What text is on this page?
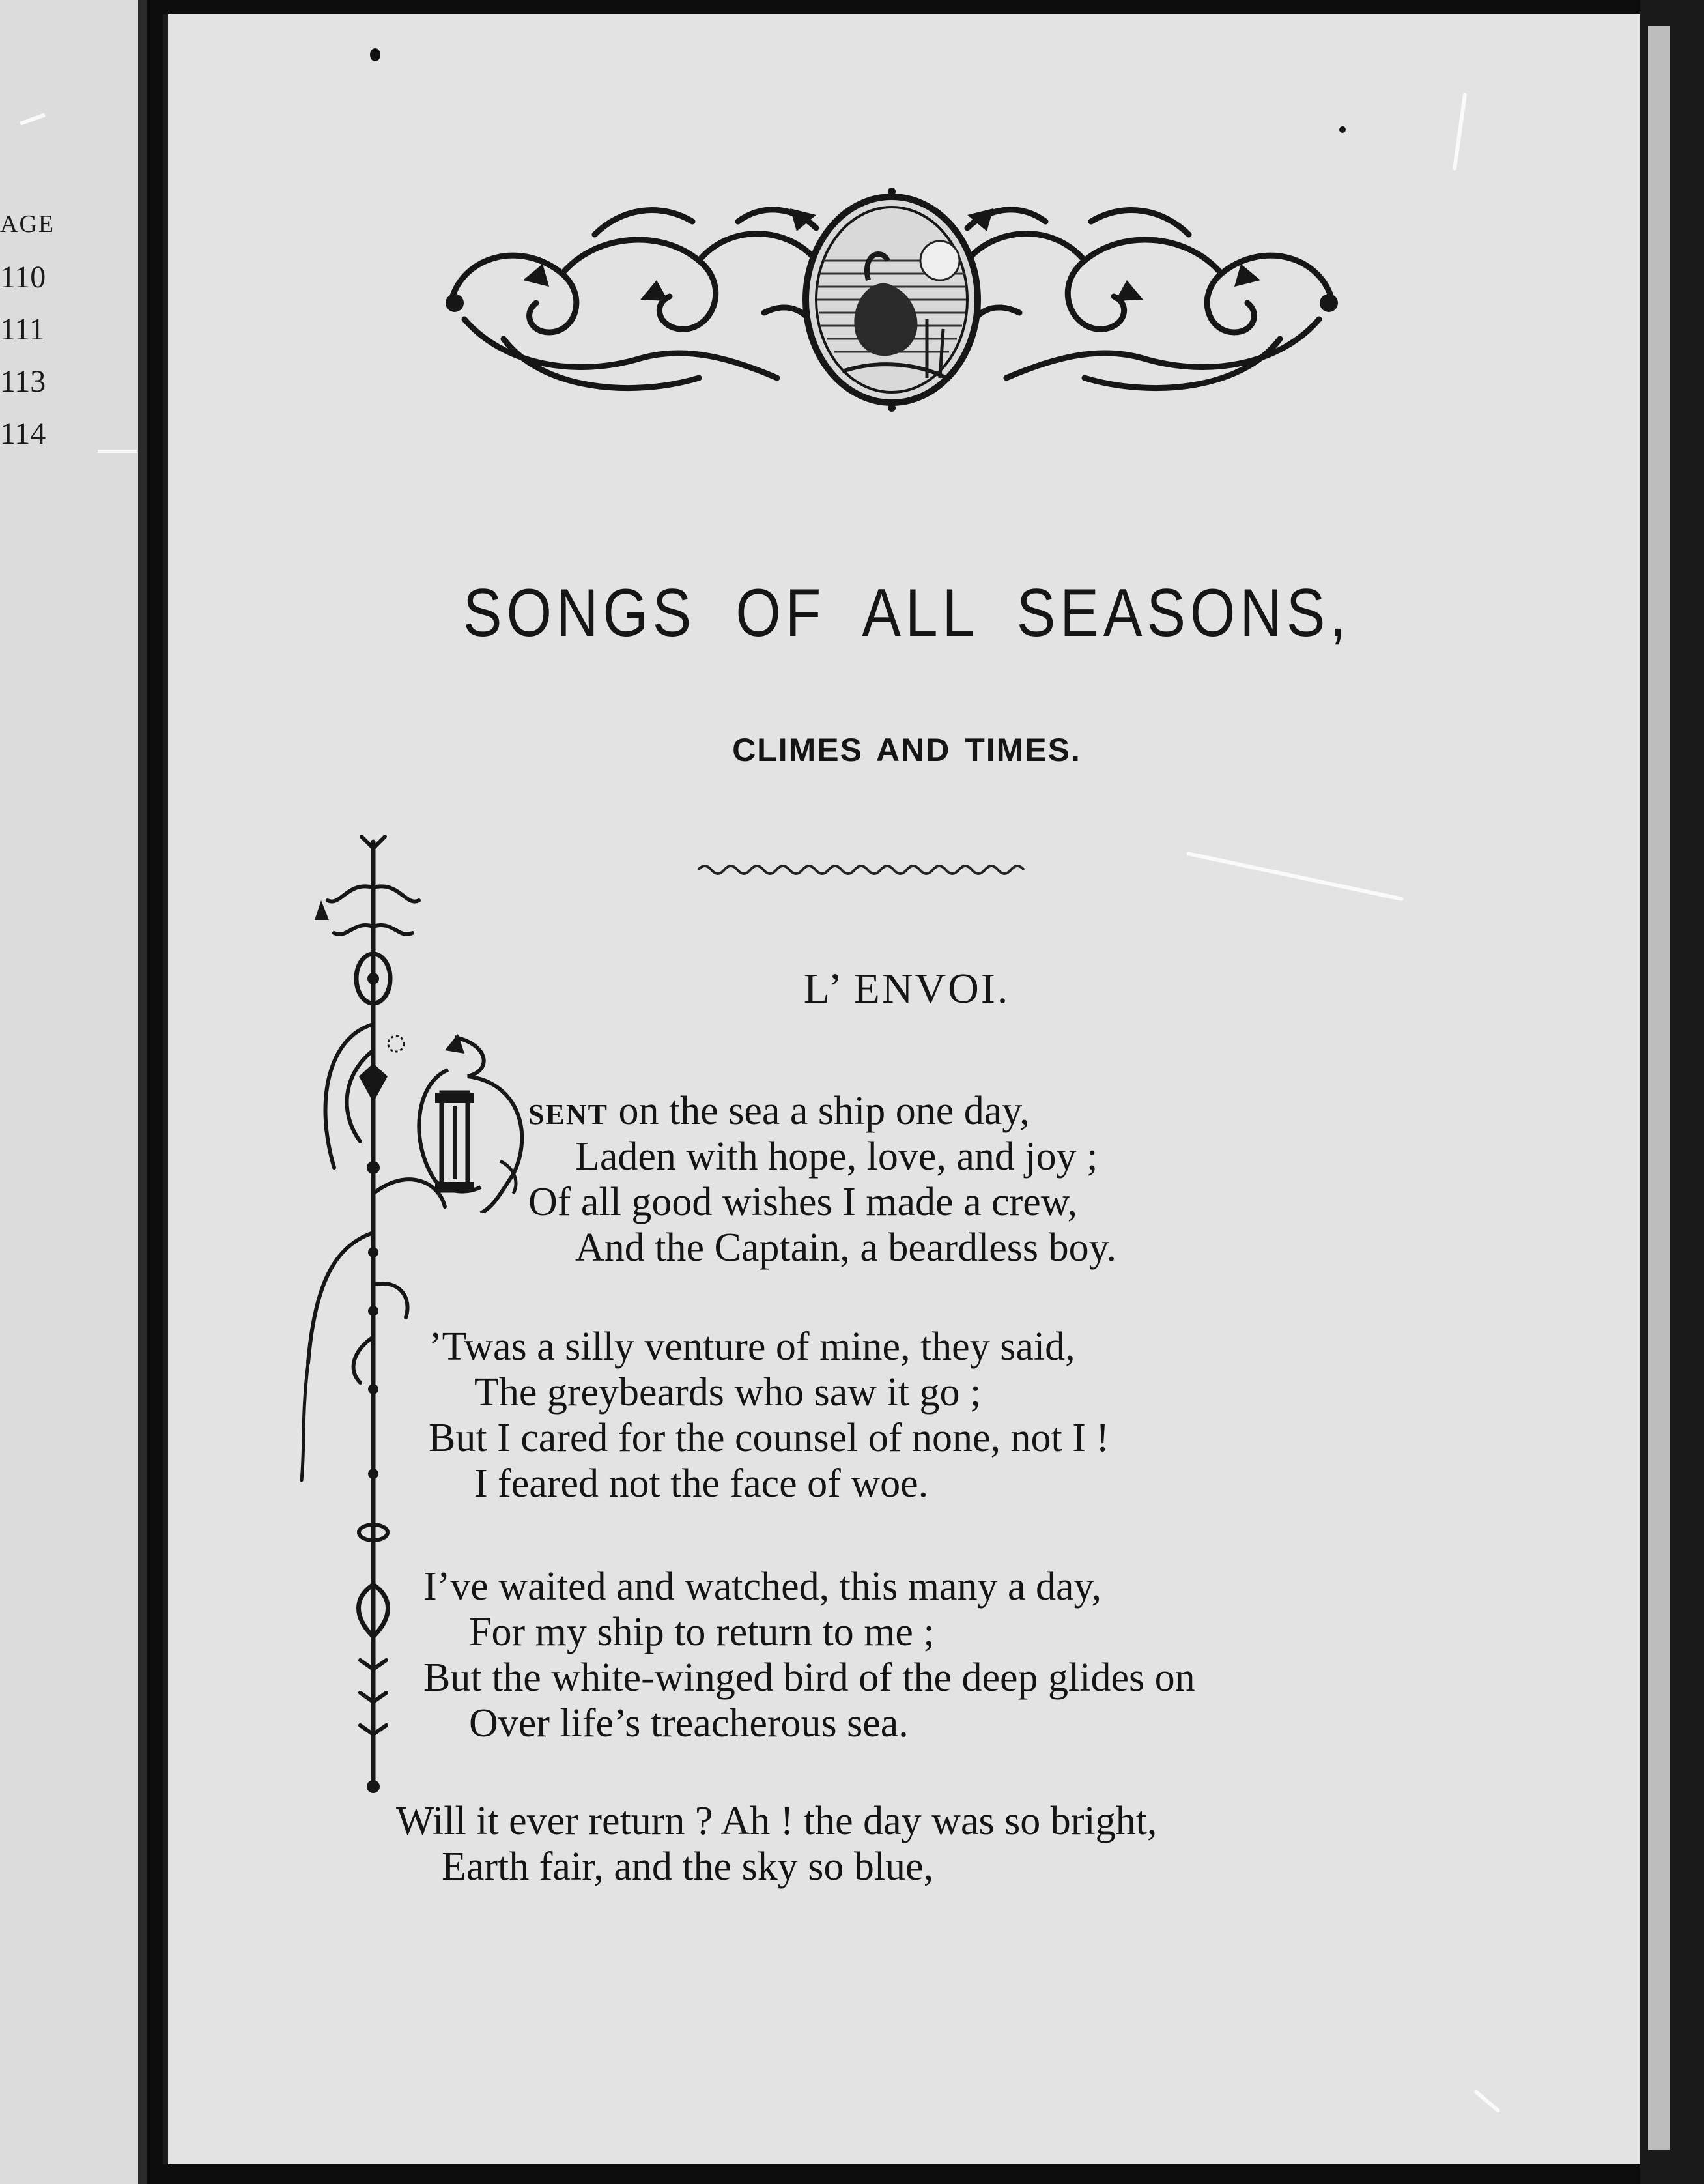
AGE
110
111
113
114
SONGS OF ALL SEASONS,
CLIMES AND TIMES.
L’ ENVOI.
SENT on the sea a ship one day,
Laden with hope, love, and joy ;
Of all good wishes I made a crew,
And the Captain, a beardless boy.
’Twas a silly venture of mine, they said,
The greybeards who saw it go ;
But I cared for the counsel of none, not I !
I feared not the face of woe.
I’ve waited and watched, this many a day,
For my ship to return to me ;
But the white-winged bird of the deep glides on
Over life’s treacherous sea.
Will it ever return ? Ah ! the day was so bright,
Earth fair, and the sky so blue,
